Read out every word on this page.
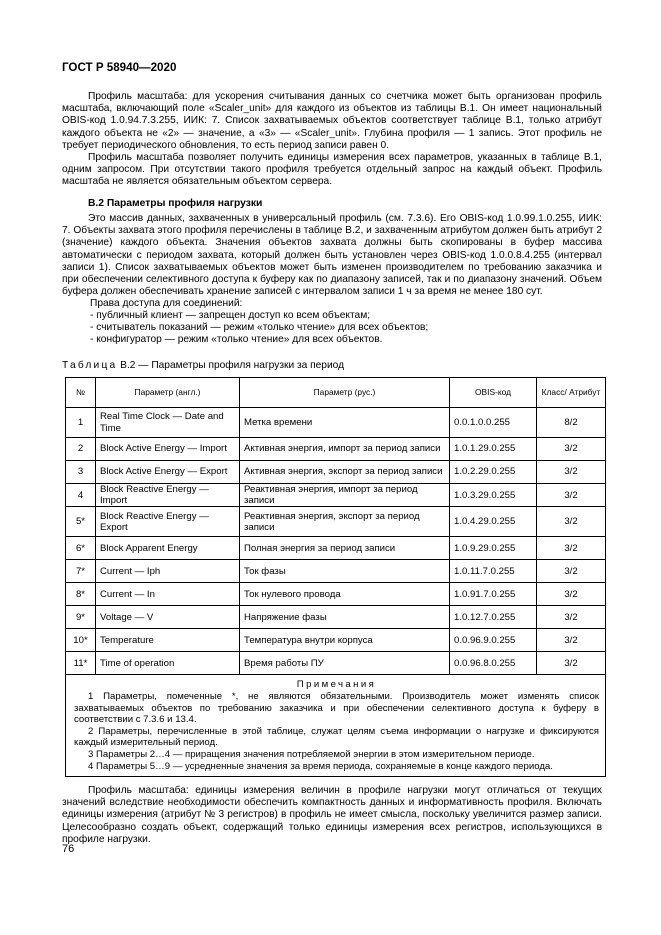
ГОСТ Р 58940—2020
Профиль масштаба: для ускорения считывания данных со счетчика может быть организован профиль масштаба, включающий поле «Scaler_unit» для каждого из объектов из таблицы В.1. Он имеет национальный OBIS-код 1.0.94.7.3.255, ИИК: 7. Список захватываемых объектов соответствует таблице В.1, только атрибут каждого объекта не «2» — значение, а «3» — «Scaler_unit». Глубина профиля — 1 запись. Этот профиль не требует периодического обновления, то есть период записи равен 0.
Профиль масштаба позволяет получить единицы измерения всех параметров, указанных в таблице В.1, одним запросом. При отсутствии такого профиля требуется отдельный запрос на каждый объект. Профиль масштаба не является обязательным объектом сервера.
В.2 Параметры профиля нагрузки
Это массив данных, захваченных в универсальный профиль (см. 7.3.6). Его OBIS-код 1.0.99.1.0.255, ИИК: 7. Объекты захвата этого профиля перечислены в таблице В.2, и захваченным атрибутом должен быть атрибут 2 (значение) каждого объекта. Значения объектов захвата должны быть скопированы в буфер массива автоматически с периодом захвата, который должен быть установлен через OBIS-код 1.0.0.8.4.255 (интервал записи 1). Список захватываемых объектов может быть изменен производителем по требованию заказчика и при обеспечении селективного доступа к буферу как по диапазону записей, так и по диапазону значений. Объем буфера должен обеспечивать хранение записей с интервалом записи 1 ч за время не менее 180 сут.
Права доступа для соединений:
- публичный клиент — запрещен доступ ко всем объектам;
- считыватель показаний — режим «только чтение» для всех объектов;
- конфигуратор — режим «только чтение» для всех объектов.
Таблица В.2 — Параметры профиля нагрузки за период
№	Параметр (англ.)	Параметр (рус.)	OBIS-код	Класс/ Атрибут
1	Real Time Clock — Date and Time	Метка времени	0.0.1.0.0.255	8/2
2	Block Active Energy — Import	Активная энергия, импорт за период записи	1.0.1.29.0.255	3/2
3	Block Active Energy — Export	Активная энергия, экспорт за период записи	1.0.2.29.0.255	3/2
4	Block Reactive Energy — Import	Реактивная энергия, импорт за период записи	1.0.3.29.0.255	3/2
5*	Block Reactive Energy — Export	Реактивная энергия, экспорт за период записи	1.0.4.29.0.255	3/2
6*	Block Apparent Energy	Полная энергия за период записи	1.0.9.29.0.255	3/2
7*	Current — Iph	Ток фазы	1.0.11.7.0.255	3/2
8*	Current — In	Ток нулевого провода	1.0.91.7.0.255	3/2
9*	Voltage — V	Напряжение фазы	1.0.12.7.0.255	3/2
10*	Temperature	Температура внутри корпуса	0.0.96.9.0.255	3/2
11*	Time of operation	Время работы ПУ	0.0.96.8.0.255	3/2

Примечания
1 Параметры, помеченные *, не являются обязательными. Производитель может изменять список захватываемых объектов по требованию заказчика и при обеспечении селективного доступа к буферу в соответствии с 7.3.6 и 13.4.
2 Параметры, перечисленные в этой таблице, служат целям съема информации о нагрузке и фиксируются каждый измерительный период.
3 Параметры 2…4 — приращения значения потребляемой энергии в этом измерительном периоде.
4 Параметры 5…9 — усредненные значения за время периода, сохраняемые в конце каждого периода.				
Профиль масштаба: единицы измерения величин в профиле нагрузки могут отличаться от текущих значений вследствие необходимости обеспечить компактность данных и информативность профиля. Включать единицы измерения (атрибут № 3 регистров) в профиль не имеет смысла, поскольку увеличится размер записи. Целесообразно создать объект, содержащий только единицы измерения всех регистров, использующихся в профиле нагрузки.
76
